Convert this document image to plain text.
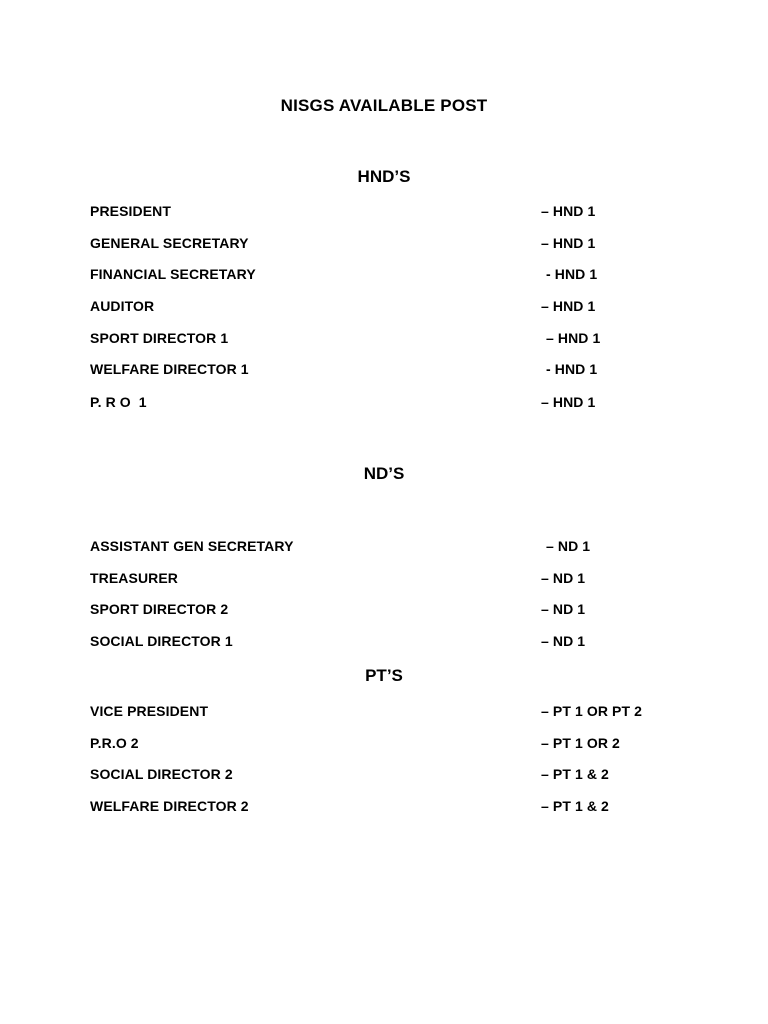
NISGS AVAILABLE POST
HND’S
PRESIDENT	– HND 1
GENERAL SECRETARY	– HND 1
FINANCIAL SECRETARY	- HND 1
AUDITOR	– HND 1
SPORT DIRECTOR 1	– HND 1
WELFARE DIRECTOR 1	- HND 1
P. R O  1	– HND 1
ND’S
ASSISTANT GEN SECRETARY	– ND 1
TREASURER	– ND 1
SPORT DIRECTOR 2	– ND 1
SOCIAL DIRECTOR 1	– ND 1
PT’S
VICE PRESIDENT	– PT 1 OR PT 2
P.R.O 2	– PT 1 OR 2
SOCIAL DIRECTOR 2	– PT 1 & 2
WELFARE DIRECTOR 2	– PT 1 & 2
